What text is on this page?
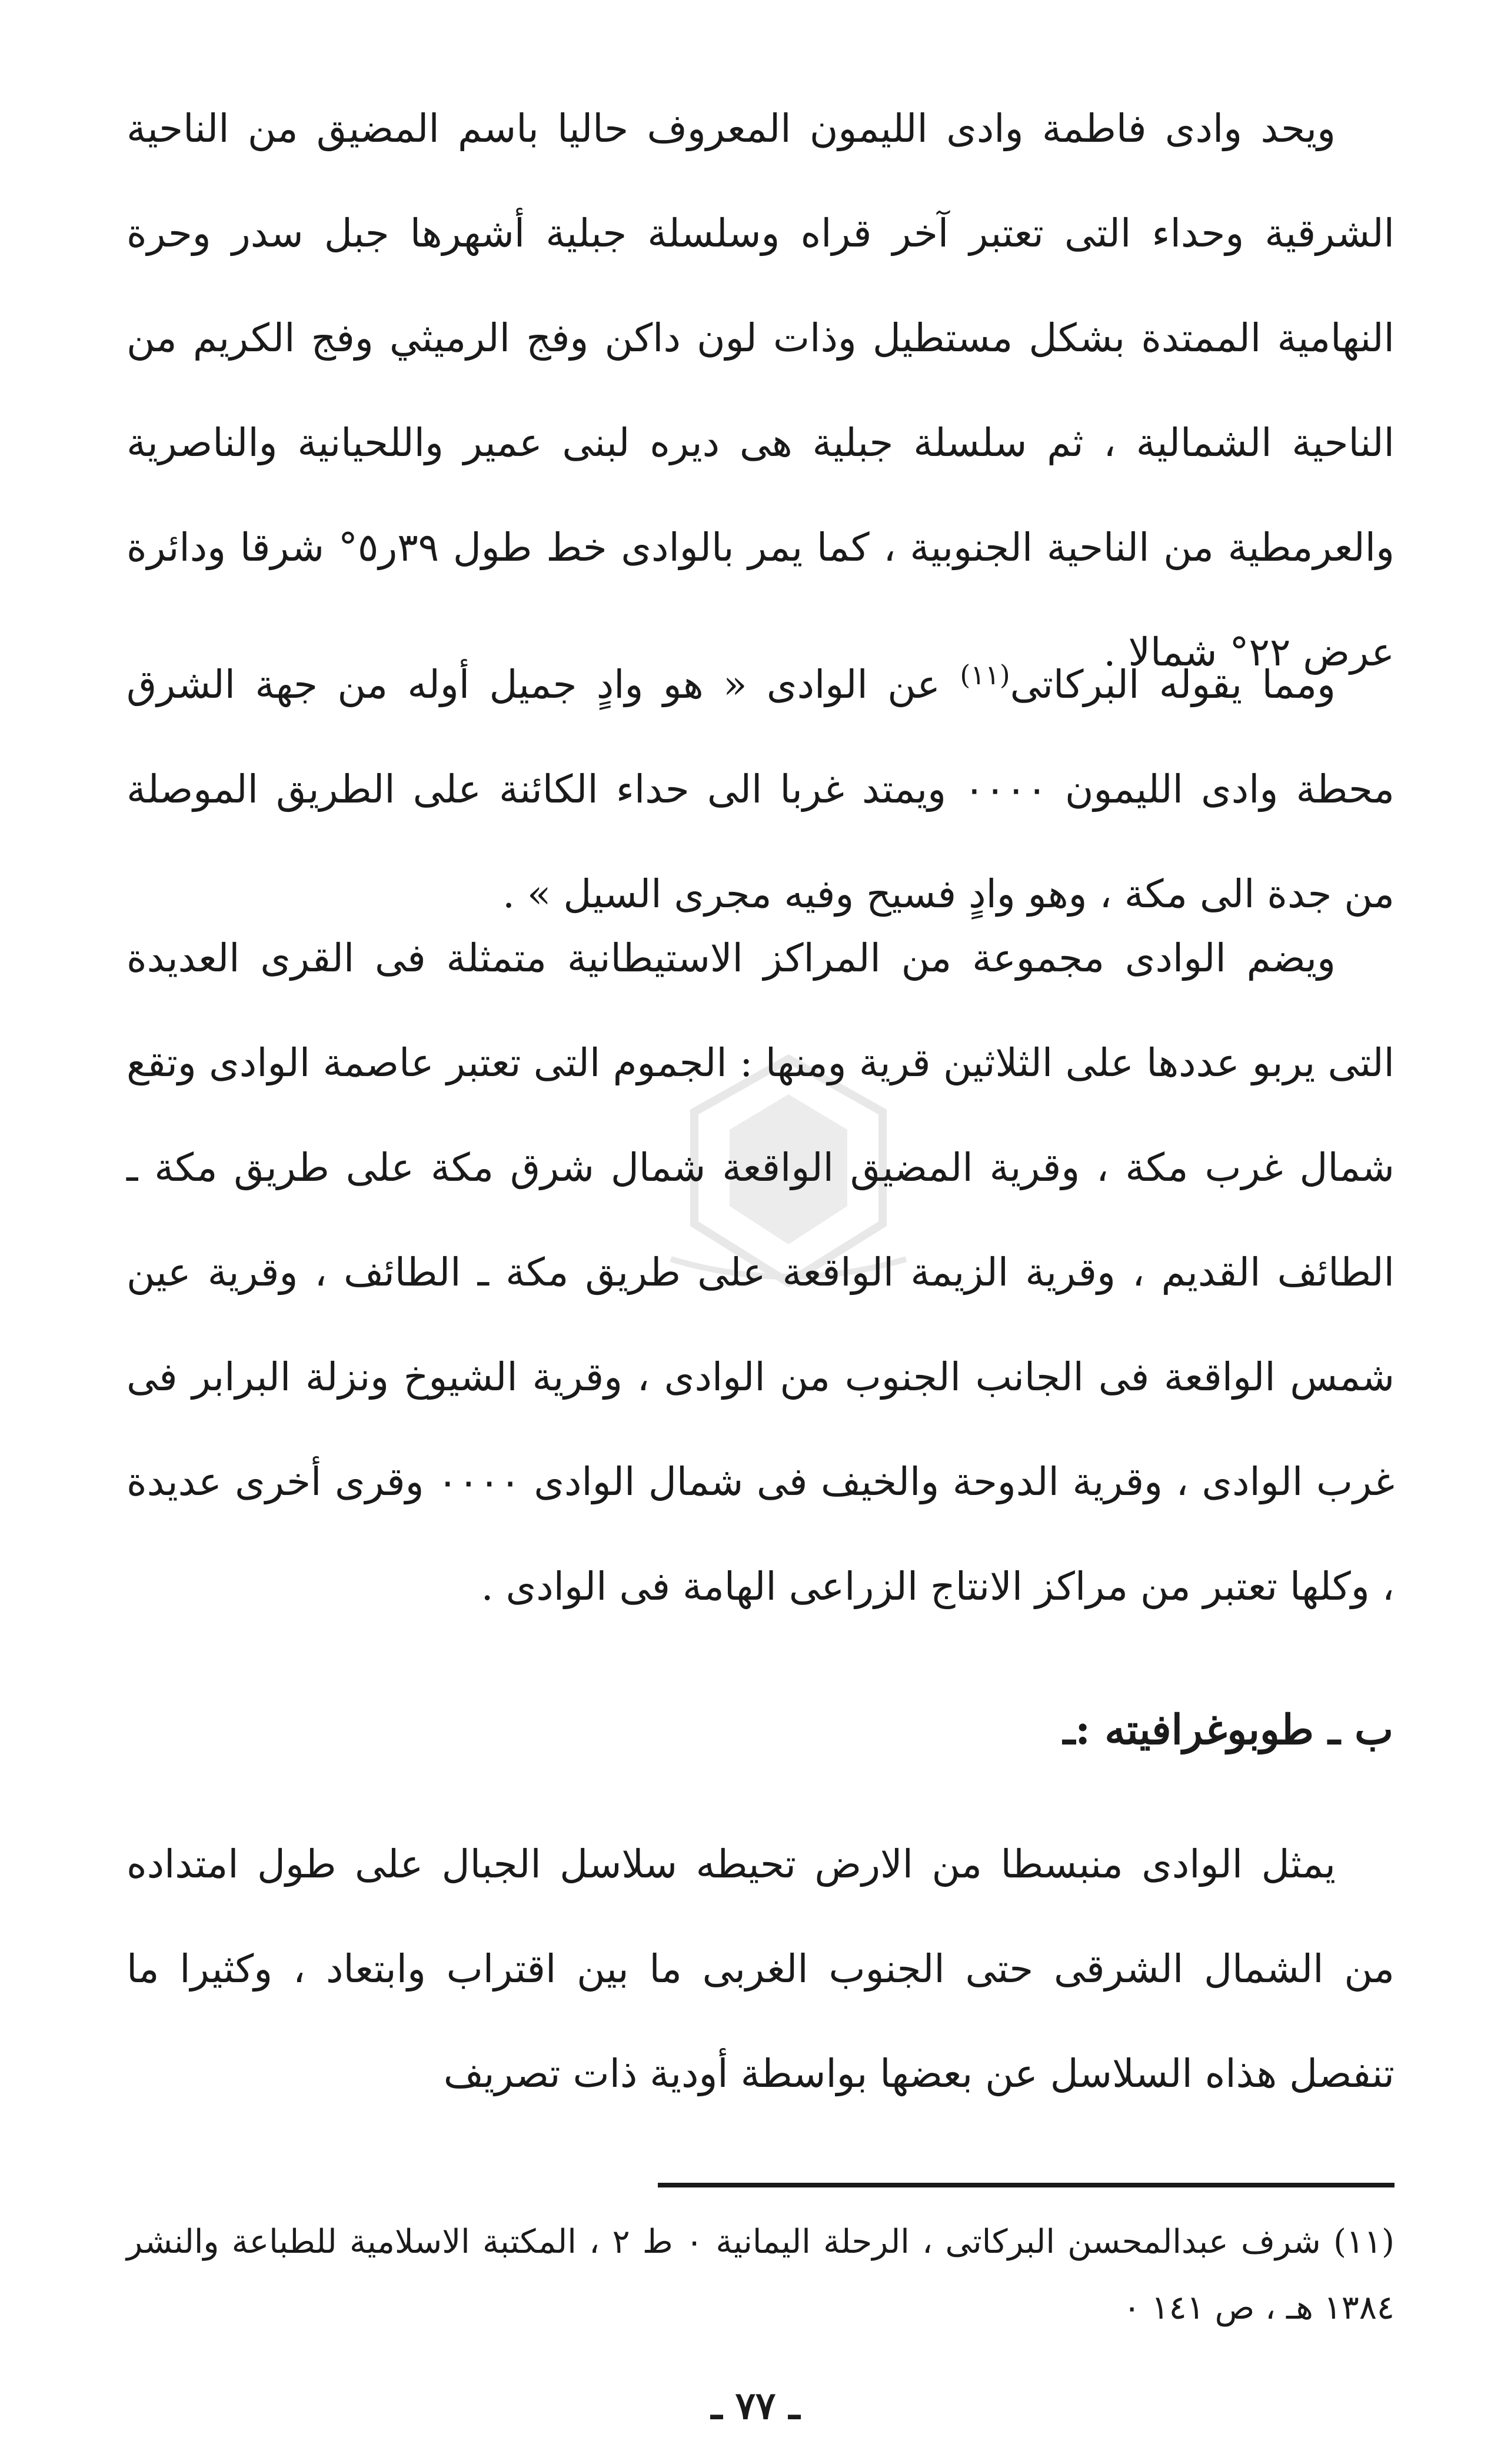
ويحد وادى فاطمة وادى الليمون المعروف حاليا باسم المضيق من الناحية الشرقية وحداء التى تعتبر آخر قراه وسلسلة جبلية أشهرها جبل سدر وحرة النهامية الممتدة بشكل مستطيل وذات لون داكن وفج الرميثي وفج الكريم من الناحية الشمالية ، ثم سلسلة جبلية هى ديره لبنى عمير واللحيانية والناصرية والعرمطية من الناحية الجنوبية ، كما يمر بالوادى خط طول ٣٩ر٥° شرقا ودائرة عرض ٢٢° شمالا .

ومما يقوله البركاتى$^{(١١)}$ عن الوادى « هو وادٍ جميل أوله من جهة الشرق محطة وادى الليمون ٠٠٠٠ ويمتد غربا الى حداء الكائنة على الطريق الموصلة من جدة الى مكة ، وهو وادٍ فسيح وفيه مجرى السيل » .

ويضم الوادى مجموعة من المراكز الاستيطانية متمثلة فى القرى العديدة التى يربو عددها على الثلاثين قرية ومنها : الجموم التى تعتبر عاصمة الوادى وتقع شمال غرب مكة ، وقرية المضيق الواقعة شمال شرق مكة على طريق مكة ـ الطائف القديم ، وقرية الزيمة الواقعة على طريق مكة ـ الطائف ، وقرية عين شمس الواقعة فى الجانب الجنوب من الوادى ، وقرية الشيوخ ونزلة البرابر فى غرب الوادى ، وقرية الدوحة والخيف فى شمال الوادى ٠٠٠٠ وقرى أخرى عديدة ، وكلها تعتبر من مراكز الانتاج الزراعى الهامة فى الوادى .

ب ـ طوبوغرافيته :ـ

يمثل الوادى منبسطا من الارض تحيطه سلاسل الجبال على طول امتداده من الشمال الشرقى حتى الجنوب الغربى ما بين اقتراب وابتعاد ، وكثيرا ما تنفصل هذاه السلاسل عن بعضها بواسطة أودية ذات تصريف

(١١) شرف عبدالمحسن البركاتى ، الرحلة اليمانية ٠ ط ٢ ، المكتبة الاسلامية للطباعة والنشر ١٣٨٤ هـ ، ص ١٤١ ٠
ـ ٧٧ ـ
